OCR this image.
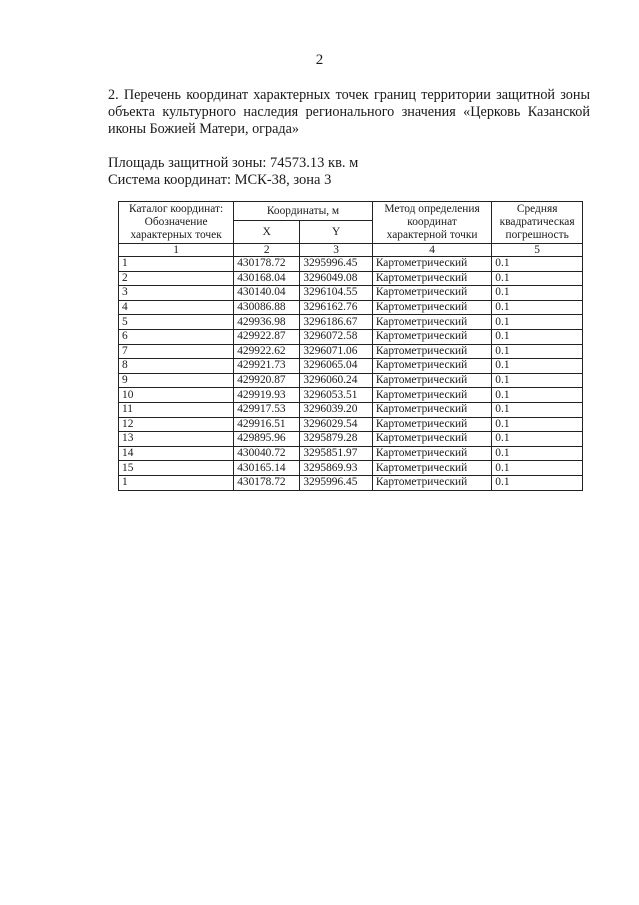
2
2. Перечень координат характерных точек границ территории защитной зоны объекта культурного наследия регионального значения «Церковь Казанской иконы Божией Матери, ограда»
Площадь защитной зоны: 74573.13 кв. м
Система координат: МСК-38, зона 3
Каталог координат:
Обозначение характерных точек	Координаты, м		Метод определения координат характерной точки	Средняя квадратическая погрешность
	X	Y		
1	2	3	4	5
1	430178.72	3295996.45	Картометрический	0.1
2	430168.04	3296049.08	Картометрический	0.1
3	430140.04	3296104.55	Картометрический	0.1
4	430086.88	3296162.76	Картометрический	0.1
5	429936.98	3296186.67	Картометрический	0.1
6	429922.87	3296072.58	Картометрический	0.1
7	429922.62	3296071.06	Картометрический	0.1
8	429921.73	3296065.04	Картометрический	0.1
9	429920.87	3296060.24	Картометрический	0.1
10	429919.93	3296053.51	Картометрический	0.1
11	429917.53	3296039.20	Картометрический	0.1
12	429916.51	3296029.54	Картометрический	0.1
13	429895.96	3295879.28	Картометрический	0.1
14	430040.72	3295851.97	Картометрический	0.1
15	430165.14	3295869.93	Картометрический	0.1
1	430178.72	3295996.45	Картометрический	0.1
